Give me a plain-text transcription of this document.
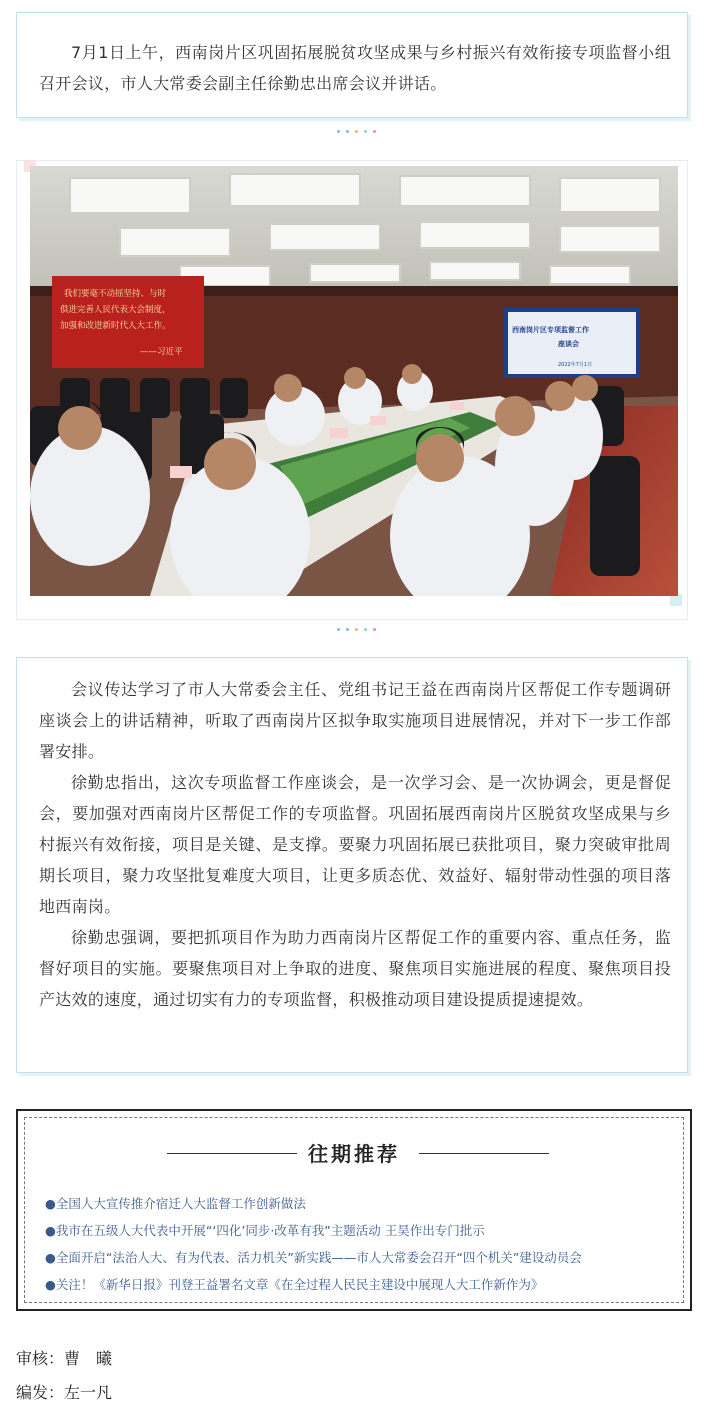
7月1日上午，西南岗片区巩固拓展脱贫攻坚成果与乡村振兴有效衔接专项监督小组召开会议，市人大常委会副主任徐勤忠出席会议并讲话。

我们要毫不动摇坚持、与时
俱进完善人民代表大会制度，
加强和改进新时代人大工作。
——习近平
西南岗片区专项监督工作
座谈会
2022年7月1日

会议传达学习了市人大常委会主任、党组书记王益在西南岗片区帮促工作专题调研座谈会上的讲话精神，听取了西南岗片区拟争取实施项目进展情况，并对下一步工作部署安排。

徐勤忠指出，这次专项监督工作座谈会，是一次学习会、是一次协调会，更是督促会，要加强对西南岗片区帮促工作的专项监督。巩固拓展西南岗片区脱贫攻坚成果与乡村振兴有效衔接，项目是关键、是支撑。要聚力巩固拓展已获批项目，聚力突破审批周期长项目，聚力攻坚批复难度大项目，让更多质态优、效益好、辐射带动性强的项目落地西南岗。

徐勤忠强调，要把抓项目作为助力西南岗片区帮促工作的重要内容、重点任务，监督好项目的实施。要聚焦项目对上争取的进度、聚焦项目实施进展的程度、聚焦项目投产达效的速度，通过切实有力的专项监督，积极推动项目建设提质提速提效。

往期推荐
●全国人大宣传推介宿迁人大监督工作创新做法
●我市在五级人大代表中开展“‘四化’同步·改革有我”主题活动 王昊作出专门批示
●全面开启“法治人大、有为代表、活力机关”新实践——市人大常委会召开“四个机关”建设动员会
●关注！《新华日报》刊登王益署名文章《在全过程人民民主建设中展现人大工作新作为》
审核：曹　曦
编发：左一凡
